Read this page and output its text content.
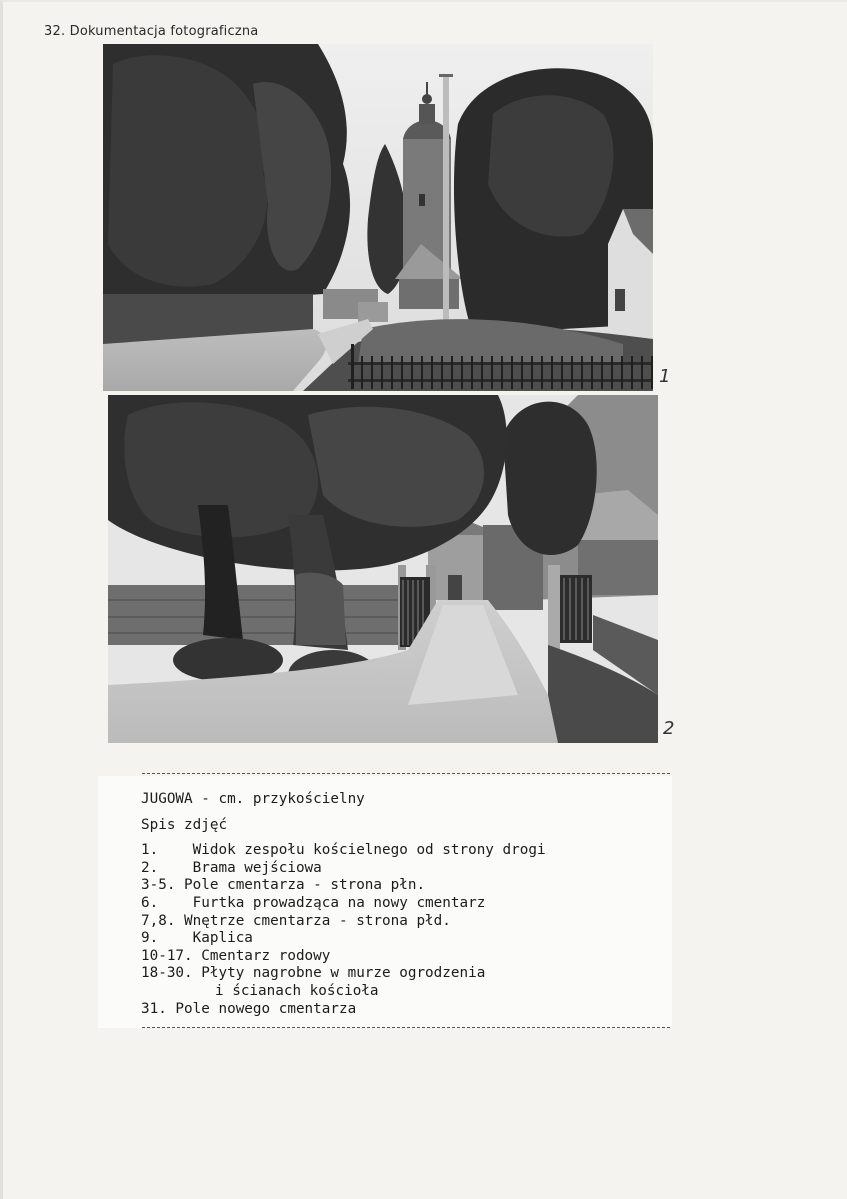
32. Dokumentacja fotograficzna
1
2
JUGOWA - cm. przykościelny
Spis zdjęć
1. Widok zespołu kościelnego od strony drogi
2. Brama wejściowa
3-5. Pole cmentarza - strona płn.
6. Furtka prowadząca na nowy cmentarz
7,8. Wnętrze cmentarza - strona płd.
9. Kaplica
10-17. Cmentarz rodowy
18-30. Płyty nagrobne w murze ogrodzenia
i ścianach kościoła
31. Pole nowego cmentarza
